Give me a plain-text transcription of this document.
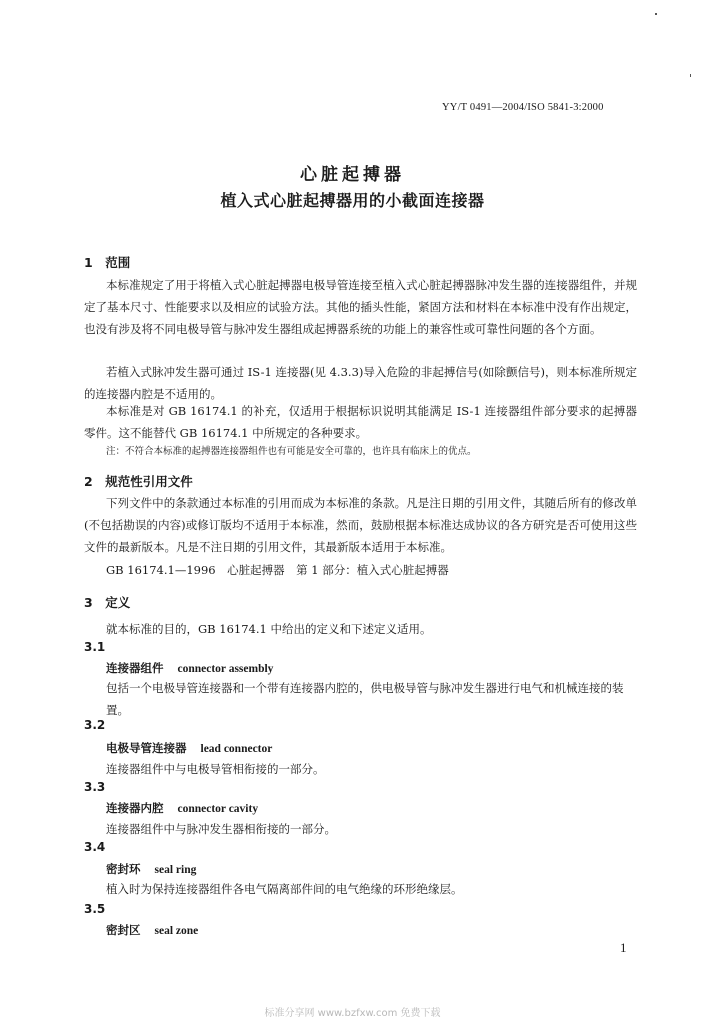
YY/T 0491—2004/ISO 5841-3:2000
心脏起搏器
植入式心脏起搏器用的小截面连接器
1　范围
本标准规定了用于将植入式心脏起搏器电极导管连接至植入式心脏起搏器脉冲发生器的连接器组件，并规定了基本尺寸、性能要求以及相应的试验方法。其他的插头性能，紧固方法和材料在本标准中没有作出规定，也没有涉及将不同电极导管与脉冲发生器组成起搏器系统的功能上的兼容性或可靠性问题的各个方面。
若植入式脉冲发生器可通过 IS-1 连接器(见 4.3.3)导入危险的非起搏信号(如除颤信号)，则本标准所规定的连接器内腔是不适用的。
本标准是对 GB 16174.1 的补充，仅适用于根据标识说明其能满足 IS-1 连接器组件部分要求的起搏器零件。这不能替代 GB 16174.1 中所规定的各种要求。
注：不符合本标准的起搏器连接器组件也有可能是安全可靠的，也许具有临床上的优点。
2　规范性引用文件
下列文件中的条款通过本标准的引用而成为本标准的条款。凡是注日期的引用文件，其随后所有的修改单(不包括勘误的内容)或修订版均不适用于本标准，然而，鼓励根据本标准达成协议的各方研究是否可使用这些文件的最新版本。凡是不注日期的引用文件，其最新版本适用于本标准。
GB 16174.1—1996　心脏起搏器　第 1 部分：植入式心脏起搏器
3　定义
就本标准的目的，GB 16174.1 中给出的定义和下述定义适用。
3.1
连接器组件 connector assembly
包括一个电极导管连接器和一个带有连接器内腔的，供电极导管与脉冲发生器进行电气和机械连接的装置。
3.2
电极导管连接器 lead connector
连接器组件中与电极导管相衔接的一部分。
3.3
连接器内腔 connector cavity
连接器组件中与脉冲发生器相衔接的一部分。
3.4
密封环 seal ring
植入时为保持连接器组件各电气隔离部件间的电气绝缘的环形绝缘层。
3.5
密封区 seal zone
1
标准分享网 www.bzfxw.com 免费下载
